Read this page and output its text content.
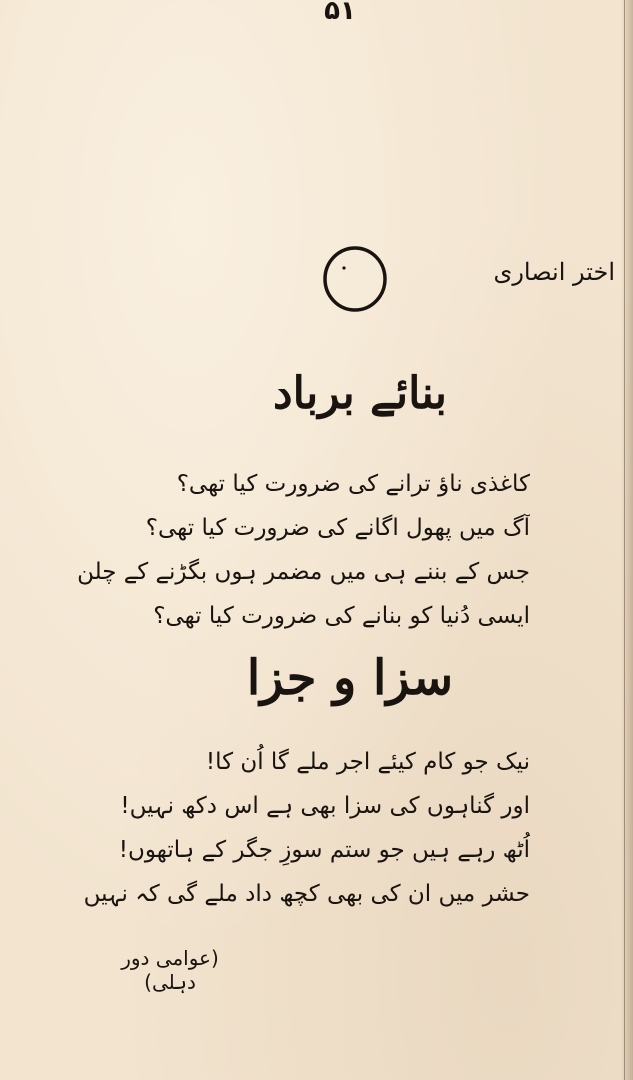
۵۱
اختر انصاری
بنائے برباد
کاغذی ناؤ ترانے کی ضرورت کیا تھی؟
آگ میں پھول اگانے کی ضرورت کیا تھی؟
جس کے بننے ہی میں مضمر ہوں بگڑنے کے چلن
ایسی دُنیا کو بنانے کی ضرورت کیا تھی؟
سزا و جزا
نیک جو کام کیئے اجر ملے گا اُن کا!
اور گناہوں کی سزا بھی ہے اس دکھ نہیں!
اُٹھ رہے ہیں جو ستم سوزِ جگر کے ہاتھوں!
حشر میں ان کی بھی کچھ داد ملے گی کہ نہیں
(عوامی دور دہلی)
